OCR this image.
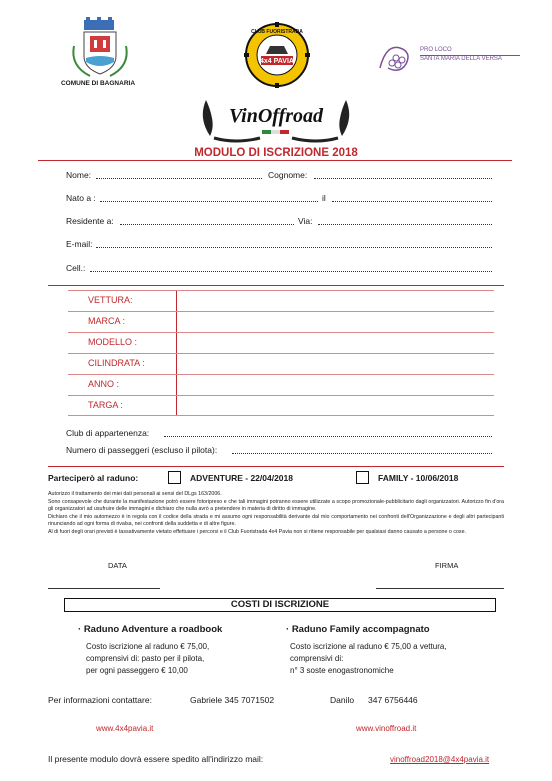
COMUNE DI BAGNARIA
4x4 PAVIA
CLUB FUORISTRADA
PRO LOCO
SANTA MARIA DELLA VERSA
VinOffroad
MODULO DI ISCRIZIONE 2018
Nome:	Cognome:
Nato a :	il
Residente a:	Via:
E-mail:
Cell.:
VETTURA:
MARCA :
MODELLO :
CILINDRATA :
ANNO :
TARGA :
Club di appartenenza:
Numero di passeggeri (escluso il pilota):
Parteciperò al raduno:	ADVENTURE - 22/04/2018	FAMILY - 10/06/2018
Autorizzo il trattamento dei miei dati personali ai sensi del DLgs 163/2006.
Sono consapevole che durante la manifestazione potrò essere fotoripreso e che tali immagini potranno essere utilizzate a scopo promozionale-pubblicitario dagli organizzatori. Autorizzo fin d'ora gli organizzatori ad usufruire delle immagini e dichiaro che nulla avrò a pretendere in materia di diritto di immagine.
Dichiaro che il mio automezzo è in regola con il codice della strada e mi assumo ogni responsabilità derivante dal mio comportamento nei confronti dell'Organizzazione e degli altri partecipanti rinunciando ad ogni forma di rivalsa, nei confronti della suddetta e di altre figure.
Al di fuori degli orari previsti è tassativamente vietato effettuare i percorsi e il Club Fuoristrada 4x4 Pavia non si ritiene responsabile per qualsiasi danno causato a persone o cose.
DATA	FIRMA
COSTI DI ISCRIZIONE
· Raduno Adventure a roadbook
Costo iscrizione al raduno € 75,00,
comprensivi di: pasto per il pilota,
per ogni passeggero € 10,00
· Raduno Family accompagnato
Costo iscrizione al raduno € 75,00 a vettura,
comprensivi di:
n° 3 soste enogastronomiche
Per informazioni contattare:	Gabriele 345 7071502	Danilo 347 6756446
www.4x4pavia.it	www.vinoffroad.it
Il presente modulo dovrà essere spedito all'indirizzo mail:	vinoffroad2018@4x4pavia.it
